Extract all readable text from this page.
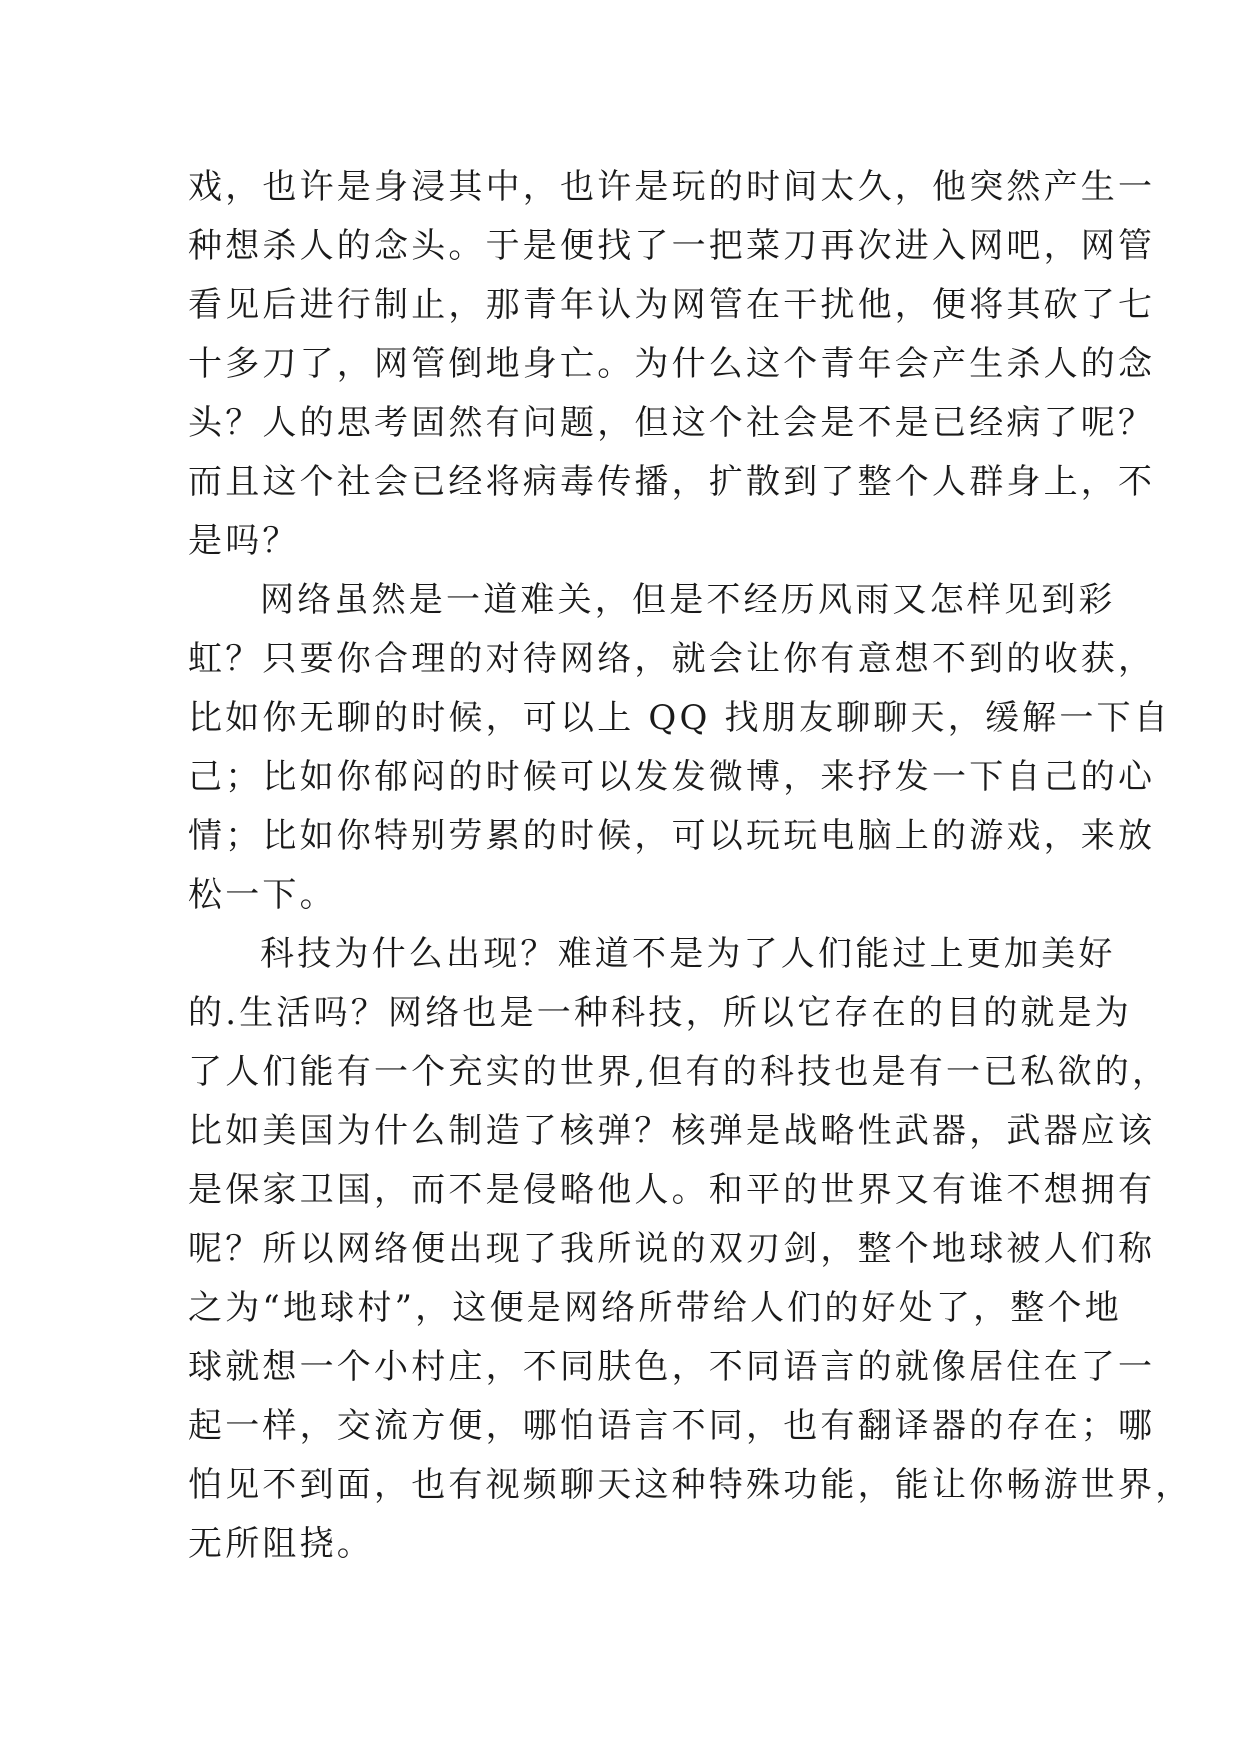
戏，也许是身浸其中，也许是玩的时间太久，他突然产生一
种想杀人的念头。于是便找了一把菜刀再次进入网吧，网管
看见后进行制止，那青年认为网管在干扰他，便将其砍了七
十多刀了，网管倒地身亡。为什么这个青年会产生杀人的念
头？人的思考固然有问题，但这个社会是不是已经病了呢？
而且这个社会已经将病毒传播，扩散到了整个人群身上，不
是吗？
网络虽然是一道难关，但是不经历风雨又怎样见到彩
虹？只要你合理的对待网络，就会让你有意想不到的收获，
比如你无聊的时候，可以上 QQ 找朋友聊聊天，缓解一下自
己；比如你郁闷的时候可以发发微博，来抒发一下自己的心
情；比如你特别劳累的时候，可以玩玩电脑上的游戏，来放
松一下。
科技为什么出现？难道不是为了人们能过上更加美好
的.生活吗？网络也是一种科技，所以它存在的目的就是为
了人们能有一个充实的世界,但有的科技也是有一已私欲的，
比如美国为什么制造了核弹？核弹是战略性武器，武器应该
是保家卫国，而不是侵略他人。和平的世界又有谁不想拥有
呢？所以网络便出现了我所说的双刃剑，整个地球被人们称
之为“地球村”，这便是网络所带给人们的好处了，整个地
球就想一个小村庄，不同肤色，不同语言的就像居住在了一
起一样，交流方便，哪怕语言不同，也有翻译器的存在；哪
怕见不到面，也有视频聊天这种特殊功能，能让你畅游世界，
无所阻挠。
